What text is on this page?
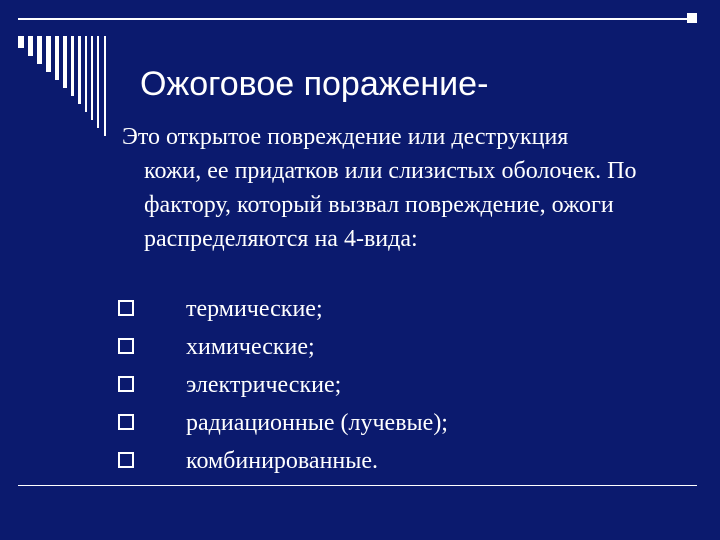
Ожоговое поражение-
Это открытое повреждение или деструкция
кожи, ее придатков или слизистых оболочек. По фактору, который вызвал повреждение, ожоги распределяются на 4-вида:
термические;
химические;
электрические;
радиационные (лучевые);
комбинированные.
